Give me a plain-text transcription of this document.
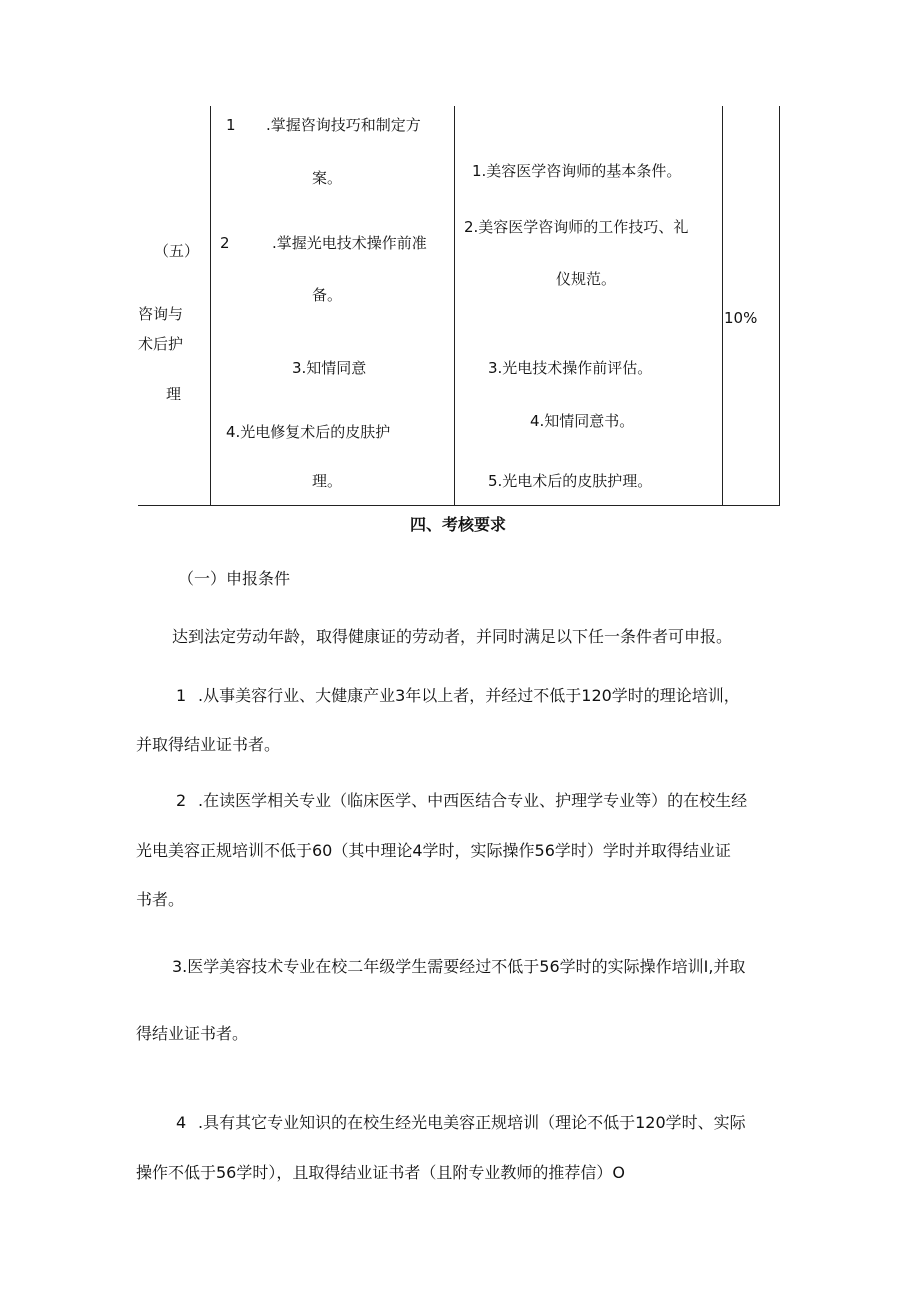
（五）
咨询与
术后护
理
1 .掌握咨询技巧和制定方
案。
2	.掌握光电技术操作前准
备。
3.知情同意
4.光电修复术后的皮肤护
理。
1.美容医学咨询师的基本条件。
2.美容医学咨询师的工作技巧、礼
仪规范。
3.光电技术操作前评估。
4.知情同意书。
5.光电术后的皮肤护理。
10%
四、考核要求
（一）申报条件
达到法定劳动年龄，取得健康证的劳动者，并同时满足以下任一条件者可申报。
1 .从事美容行业、大健康产业3年以上者，并经过不低于120学时的理论培训，
并取得结业证书者。
2 .在读医学相关专业（临床医学、中西医结合专业、护理学专业等）的在校生经
光电美容正规培训不低于60（其中理论4学时，实际操作56学时）学时并取得结业证
书者。
3.医学美容技术专业在校二年级学生需要经过不低于56学时的实际操作培训I,并取
得结业证书者。
4 .具有其它专业知识的在校生经光电美容正规培训（理论不低于120学时、实际
操作不低于56学时），且取得结业证书者（且附专业教师的推荐信）O
